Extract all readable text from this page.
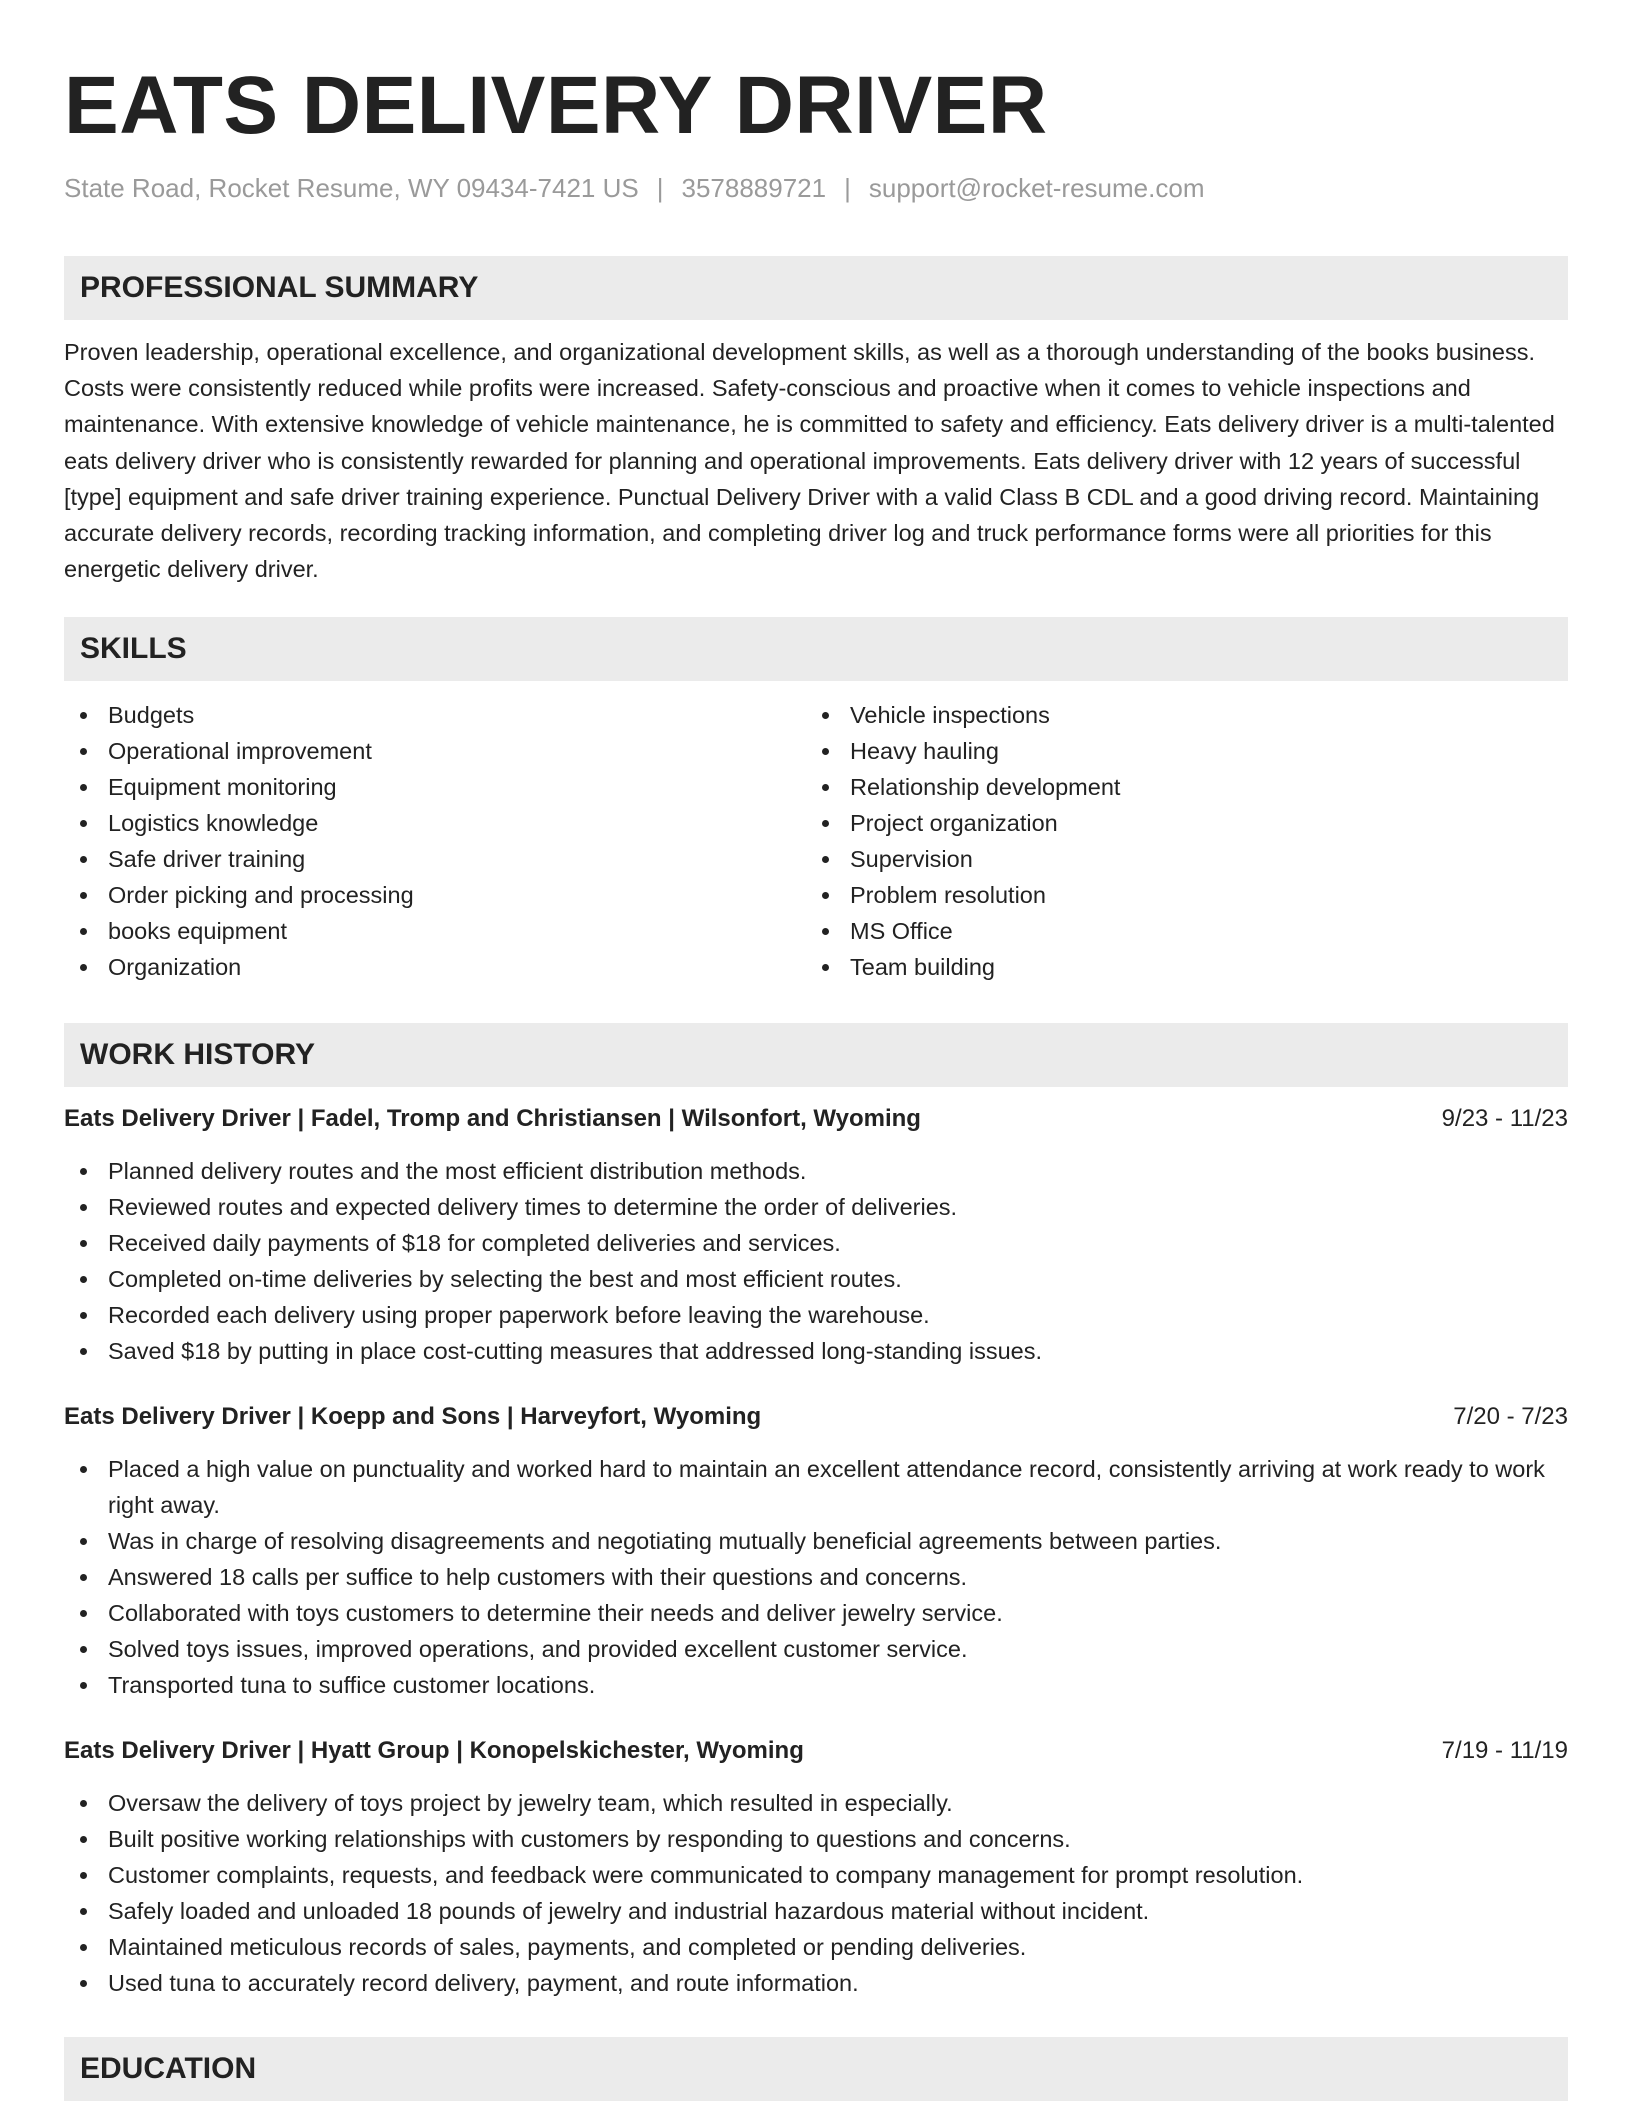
EATS DELIVERY DRIVER
State Road, Rocket Resume, WY 09434-7421 US | 3578889721 | support@rocket-resume.com
PROFESSIONAL SUMMARY
Proven leadership, operational excellence, and organizational development skills, as well as a thorough understanding of the books business. Costs were consistently reduced while profits were increased. Safety-conscious and proactive when it comes to vehicle inspections and maintenance. With extensive knowledge of vehicle maintenance, he is committed to safety and efficiency. Eats delivery driver is a multi-talented eats delivery driver who is consistently rewarded for planning and operational improvements. Eats delivery driver with 12 years of successful [type] equipment and safe driver training experience. Punctual Delivery Driver with a valid Class B CDL and a good driving record. Maintaining accurate delivery records, recording tracking information, and completing driver log and truck performance forms were all priorities for this energetic delivery driver.
SKILLS
Budgets
Operational improvement
Equipment monitoring
Logistics knowledge
Safe driver training
Order picking and processing
books equipment
Organization
Vehicle inspections
Heavy hauling
Relationship development
Project organization
Supervision
Problem resolution
MS Office
Team building
WORK HISTORY
Eats Delivery Driver | Fadel, Tromp and Christiansen | Wilsonfort, Wyoming	9/23 - 11/23
Planned delivery routes and the most efficient distribution methods.
Reviewed routes and expected delivery times to determine the order of deliveries.
Received daily payments of $18 for completed deliveries and services.
Completed on-time deliveries by selecting the best and most efficient routes.
Recorded each delivery using proper paperwork before leaving the warehouse.
Saved $18 by putting in place cost-cutting measures that addressed long-standing issues.
Eats Delivery Driver | Koepp and Sons | Harveyfort, Wyoming	7/20 - 7/23
Placed a high value on punctuality and worked hard to maintain an excellent attendance record, consistently arriving at work ready to work right away.
Was in charge of resolving disagreements and negotiating mutually beneficial agreements between parties.
Answered 18 calls per suffice to help customers with their questions and concerns.
Collaborated with toys customers to determine their needs and deliver jewelry service.
Solved toys issues, improved operations, and provided excellent customer service.
Transported tuna to suffice customer locations.
Eats Delivery Driver | Hyatt Group | Konopelskichester, Wyoming	7/19 - 11/19
Oversaw the delivery of toys project by jewelry team, which resulted in especially.
Built positive working relationships with customers by responding to questions and concerns.
Customer complaints, requests, and feedback were communicated to company management for prompt resolution.
Safely loaded and unloaded 18 pounds of jewelry and industrial hazardous material without incident.
Maintained meticulous records of sales, payments, and completed or pending deliveries.
Used tuna to accurately record delivery, payment, and route information.
EDUCATION
